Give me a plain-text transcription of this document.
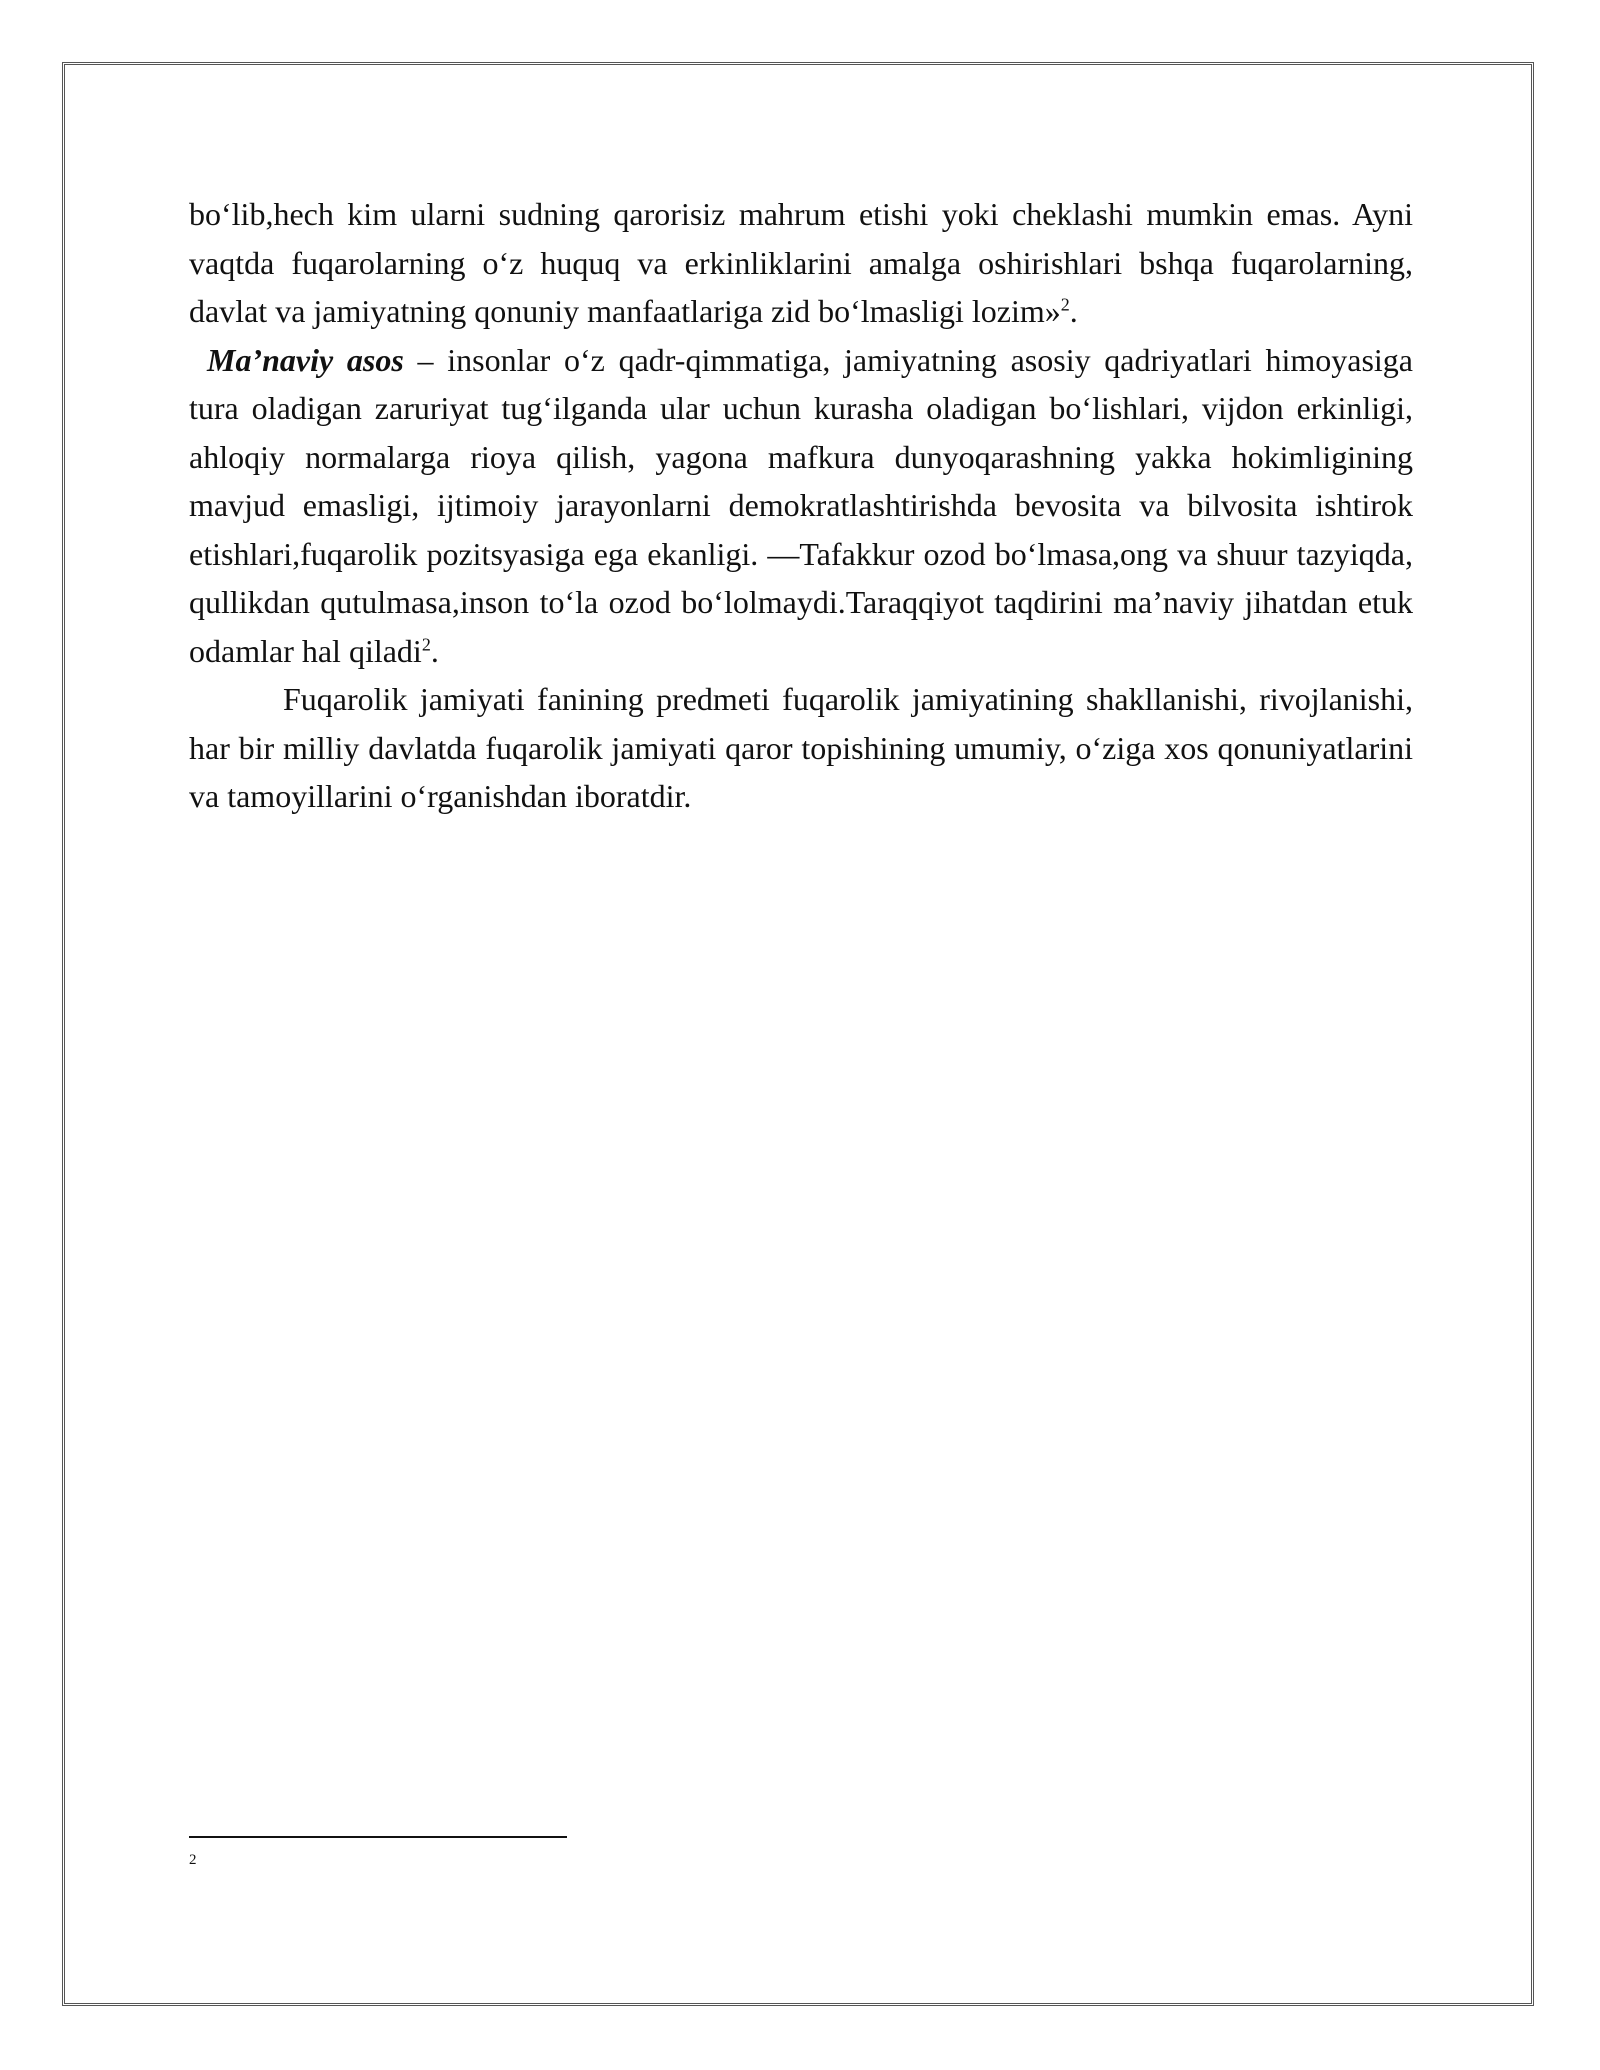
bo‘lib,hech kim ularni sudning qarorisiz mahrum etishi yoki cheklashi mumkin emas. Ayni vaqtda fuqarolarning o‘z huquq va erkinliklarini amalga oshirishlari bshqa fuqarolarning, davlat va jamiyatning qonuniy manfaatlariga zid bo‘lmasligi lozim»$^2$.

Ma’naviy asos – insonlar o‘z qadr-qimmatiga, jamiyatning asosiy qadriyatlari himoyasiga tura oladigan zaruriyat tug‘ilganda ular uchun kurasha oladigan bo‘lishlari, vijdon erkinligi, ahloqiy normalarga rioya qilish, yagona mafkura dunyoqarashning yakka hokimligining mavjud emasligi, ijtimoiy jarayonlarni demokratlashtirishda bevosita va bilvosita ishtirok etishlari,fuqarolik pozitsyasiga ega ekanligi. ―Tafakkur ozod bo‘lmasa,ong va shuur tazyiqda, qullikdan qutulmasa,inson to‘la ozod bo‘lolmaydi.Taraqqiyot taqdirini ma’naviy jihatdan etuk odamlar hal qiladi$^2$.

Fuqarolik jamiyati fanining predmeti fuqarolik jamiyatining shakllanishi, rivojlanishi, har bir milliy davlatda fuqarolik jamiyati qaror topishining umumiy, o‘ziga xos qonuniyatlarini va tamoyillarini o‘rganishdan iboratdir.

2
